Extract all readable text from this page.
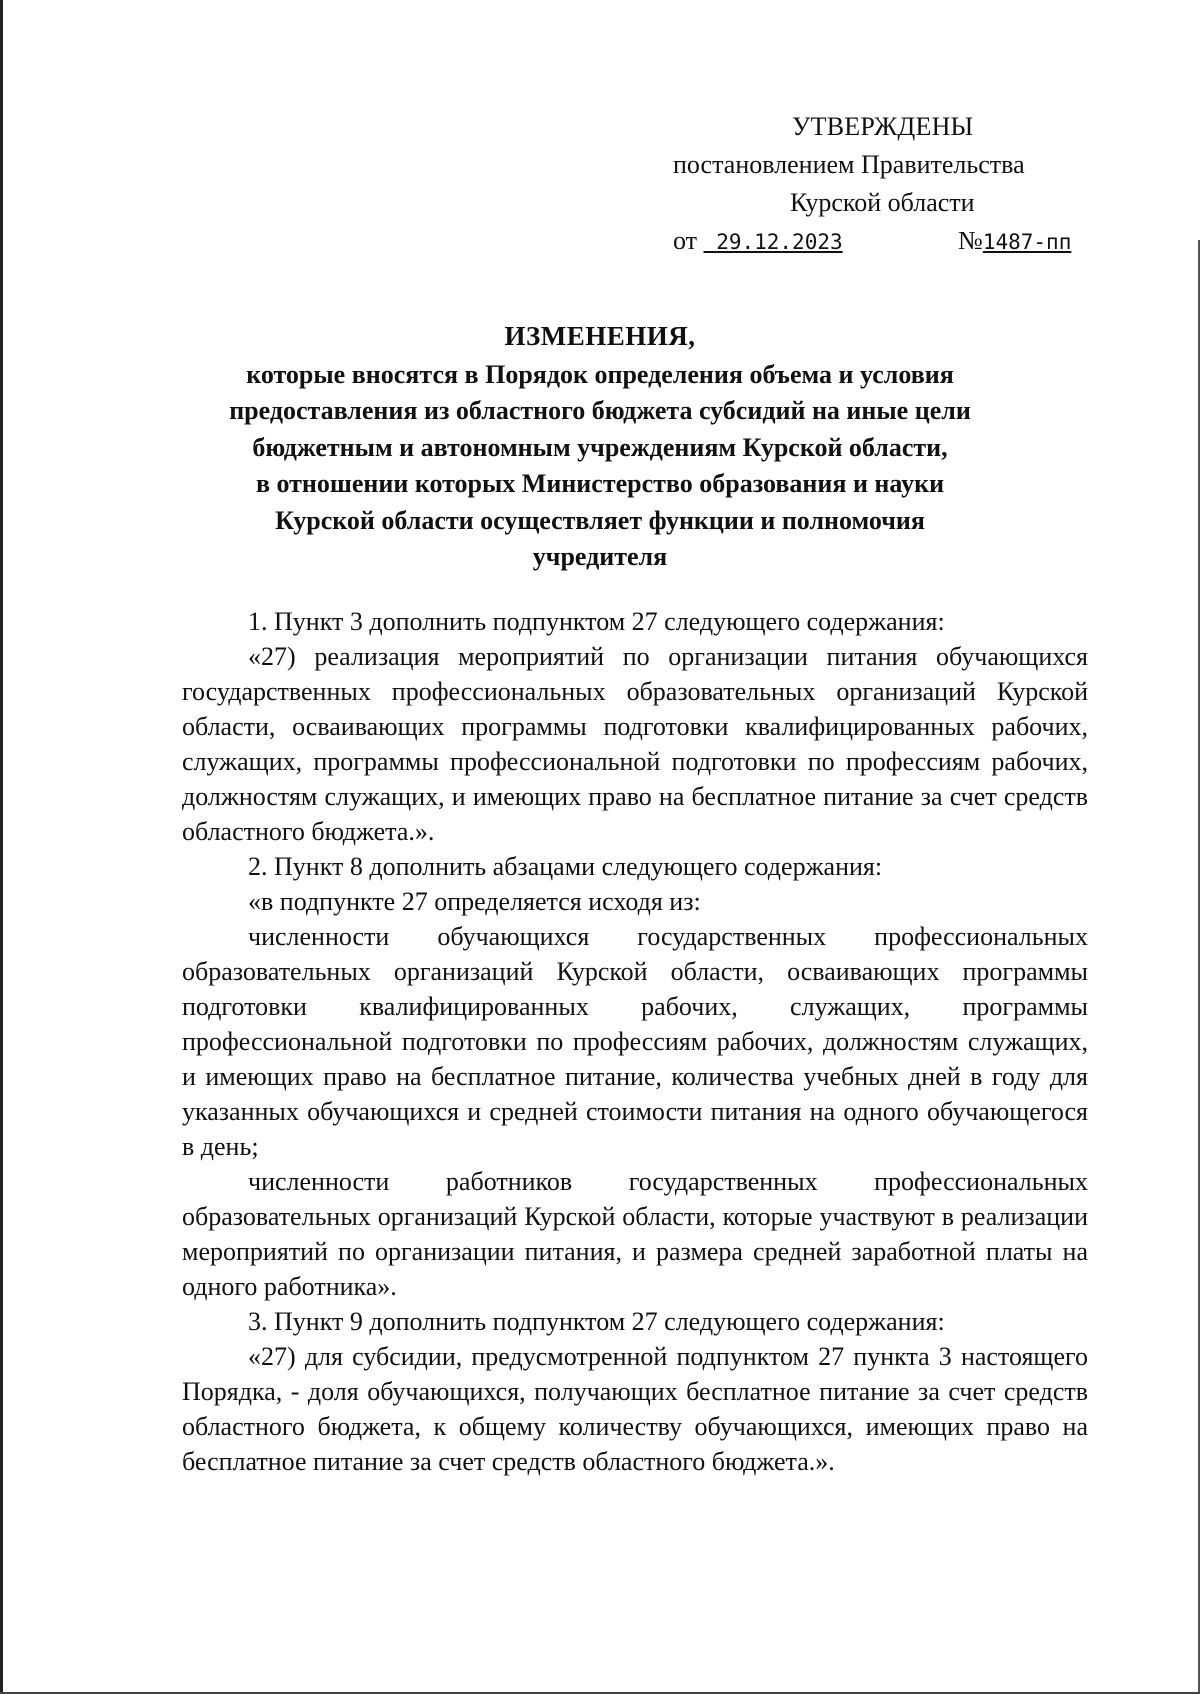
УТВЕРЖДЕНЫ
постановлением Правительства
Курской области
от 29.12.2023	№1487-пп
ИЗМЕНЕНИЯ,
которые вносятся в Порядок определения объема и условия
предоставления из областного бюджета субсидий на иные цели
бюджетным и автономным учреждениям Курской области,
в отношении которых Министерство образования и науки
Курской области осуществляет функции и полномочия
учредителя

1. Пункт 3 дополнить подпунктом 27 следующего содержания:

«27) реализация мероприятий по организации питания обучающихся государственных профессиональных образовательных организаций Курской области, осваивающих программы подготовки квалифицированных рабочих, служащих, программы профессиональной подготовки по профессиям рабочих, должностям служащих, и имеющих право на бесплатное питание за счет средств областного бюджета.».

2. Пункт 8 дополнить абзацами следующего содержания:

«в подпункте 27 определяется исходя из:

численности обучающихся государственных профессиональных образовательных организаций Курской области, осваивающих программы подготовки квалифицированных рабочих, служащих, программы профессиональной подготовки по профессиям рабочих, должностям служащих, и имеющих право на бесплатное питание, количества учебных дней в году для указанных обучающихся и средней стоимости питания на одного обучающегося в день;

численности работников государственных профессиональных образовательных организаций Курской области, которые участвуют в реализации мероприятий по организации питания, и размера средней заработной платы на одного работника».

3. Пункт 9 дополнить подпунктом 27 следующего содержания:

«27) для субсидии, предусмотренной подпунктом 27 пункта 3 настоящего Порядка, - доля обучающихся, получающих бесплатное питание за счет средств областного бюджета, к общему количеству обучающихся, имеющих право на бесплатное питание за счет средств областного бюджета.».
